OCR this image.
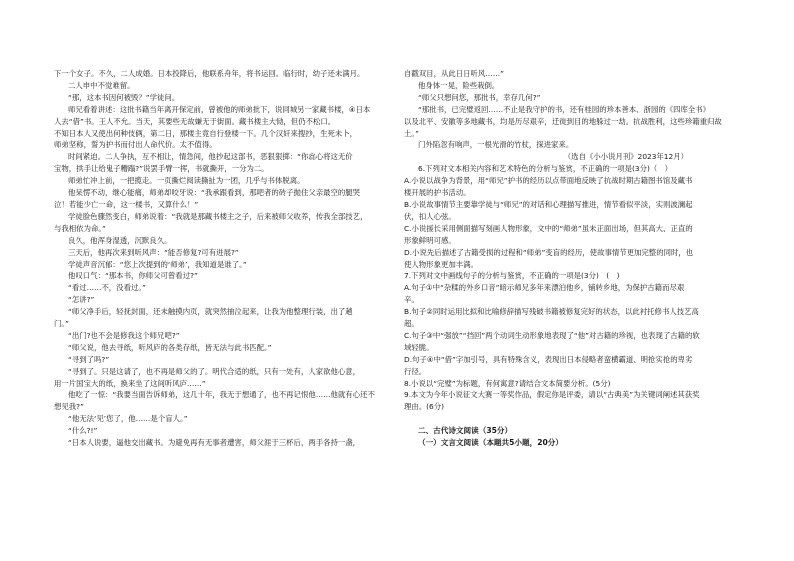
下一个女子。不久，二人成婚。日本投降后，他联系舟年，将书运回。临行时，幼子还未满月。
二人申中不觉难留。
“那，这本书因何被毁？”学徒问。
师兄看着讲述：这批书籍当年离开保定前，曾被他的师弟批下，说同城另一家藏书楼，④日本
人去“借”书。王人不允。当天，其要些无故嫌无于街面。藏书楼主大恸，但仍不松口。
不知日本人又使出何种伎俩，第二日，那楼主竟自行登楼一下。几个汉奸来搜抄，生死未卜，
师弟坚称，誓为护书而付出人命代价。太不值得。
时间紧迫。二人争执，互不相让，情急间，他抄起这部书，恶狠狠掷：“你惢心将这无价
宝物，拱手让给鬼子糟蹋?”说罢手臂一挥，书就撕开，一分为二。
师弟忙冲上前，一把揽走。一页撕烂阅读撕扯为一团，几乎与书体脱离。
他呆愣不动，继心能痛，师弟却咬牙说：“我承跟看到，那吧者的砖子抛住父亲最空的腿哭
泣！若能少亡一命，这一楼书，又算什么！”
学徒脸色骤然变白，师弟说着：“我就是那藏书楼主之子，后来被师父收养，传我全部技艺，
与我相依为命。”
良久，他浑身湿透，沉默良久。
三天后，他再次来到听风声：“能否修复?可有进展?”
学徒声音沉郁：“您上次提到的‘师弟’，我知道是谁了。”
他叹口气：“那本书，你师父可曾看过?”
“看过……不，没看过。”
“怎讲?”
“师父净手后，轻抚封面，还未触摸内页，就突然抽泣起来，让我为他整理行装，出了趟
门。”
“出门?也不会是修我这个师兄吧?”
“师父说，他去寻纸，听风庐的各类存纸，皆无法与此书匹配。”
“寻到了吗?”
“寻到了。只是这请了，也不再是师父的了。明代合适的纸，只有一处有，人家欲他心意，
用一片国宝大的纸，换来坐了这间听风庐……”
他吃了一惊：“我要当面告诉师弟，这几十年，我无于想通了，也不再记恨他……他就有心还不
想见我?”
“他无法‘见’您了，他……是个盲人。”
“什么?!”
“日本人说要，逼他交出藏书。为避免再有无事者遭害，师父涯于三杯后，两手各持一盏，
自戳双目，从此日日听风……”
他身体一晃，险些栽倒。
“师父只想问您，那批书，幸存几何?”
“那批书，已完璧返回……不止是我守护的书，还有桂园的珍本善本、浙园的《四库全书》
以及北平、安徽等多地藏书，均是历尽艰辛，迁徙到目的地躲过一劫。抗战胜利，这些珍籍重归故
土。”
门外陷忽有响声，一根光滑的竹杖，探进家来。
（选自《小小说月刊》2023年12月）
6.下列对文本相关内容和艺术特色的分析与鉴赏，不正确的一项是(3分)（　）
A.小说以战争为背景，用“师兄”护书的经历以点带面地反映了抗战时期古籍图书馆及藏书
楼开展的护书活动。
B.小说故事情节主要靠学徒与“师兄”的对话和心理描写推进，情节看似平淡，实则波澜起
伏，扣人心弦。
C.小说援长采用侧面描写刻画人物形象，文中的“师弟”虽未正面出场，但其高大、正直的
形象鲜明可感。
D.小说先后描述了古籍受损的过程和“师弟”变盲的经历，使故事情节更加完整的同时，也
使人物形象更加丰满。
7.下列对文中画线句子的分析与鉴赏，不正确的一项是(3分)　(　)
A.句子①中“杂糅的外乡口音”暗示师兄多年来漂泊他乡，铺转乡地，为保护古籍而尽艰
辛。
B.句子②同时运用比拟和比喻修辞描写残破书籍被修复完好的状态，以此衬托修书人技艺高
超。
C.句子③中“强放”“挡回”两个动词生动形象地表现了“他”对古籍的珍视，也表现了古籍的软
域轻脆。
D.句子④中“借”字加引号，具有特殊含义，表现出日本侵略者蛮横霸道、明抢实抢的卑劣
行径。
8.小说以“完璧”为标题，有何寓意?请结合文本简要分析。(5分)
9.本文为今年小说征文大赛一等奖作品，假定你是评委，请以“古典美”为关键词阐述其获奖
理由。(6分)
二、古代诗文阅读（35分）
（一）文言文阅读（本题共5小题，20分）
